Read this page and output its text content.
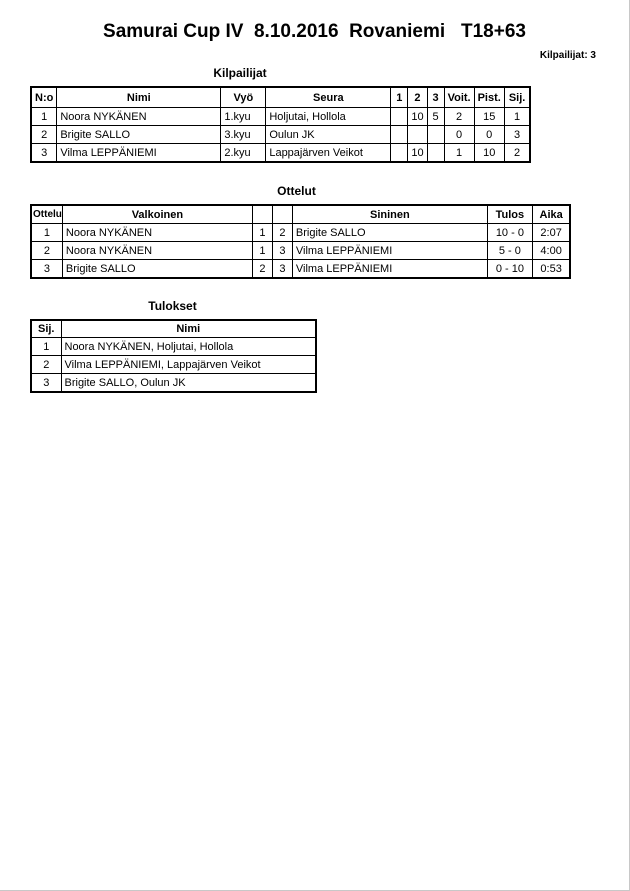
Samurai Cup IV  8.10.2016  Rovaniemi   T18+63
Kilpailijat: 3
Kilpailijat
N:o	Nimi	Vyö	Seura	1	2	3	Voit.	Pist.	Sij.
1	Noora NYKÄNEN	1.kyu	Holjutai, Hollola		10	5	2	15	1
2	Brigite SALLO	3.kyu	Oulun JK				0	0	3
3	Vilma LEPPÄNIEMI	2.kyu	Lappajärven Veikot		10		1	10	2
Ottelut
Ottelu	Valkoinen			Sininen	Tulos	Aika
1	Noora NYKÄNEN	1	2	Brigite SALLO	10 - 0	2:07
2	Noora NYKÄNEN	1	3	Vilma LEPPÄNIEMI	5 - 0	4:00
3	Brigite SALLO	2	3	Vilma LEPPÄNIEMI	0 - 10	0:53
Tulokset
Sij.	Nimi
1	Noora NYKÄNEN, Holjutai, Hollola
2	Vilma LEPPÄNIEMI, Lappajärven Veikot
3	Brigite SALLO, Oulun JK
